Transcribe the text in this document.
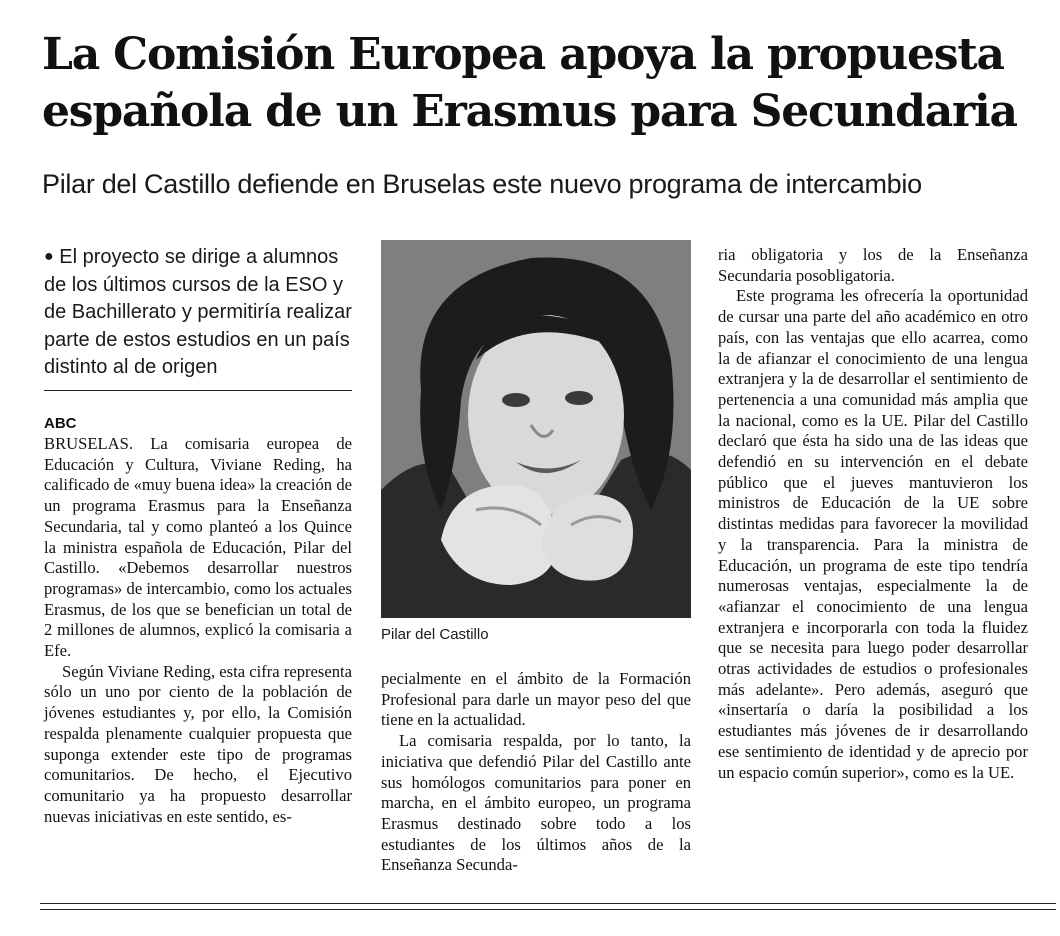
La Comisión Europea apoya la propuesta española de un Erasmus para Secundaria
Pilar del Castillo defiende en Bruselas este nuevo programa de intercambio
● El proyecto se dirige a alumnos de los últimos cursos de la ESO y de Bachillerato y permitiría realizar parte de estos estudios en un país distinto al de origen
ABC

BRUSELAS. La comisaria europea de Educación y Cultura, Viviane Reding, ha calificado de «muy buena idea» la creación de un programa Erasmus para la Enseñanza Secundaria, tal y como planteó a los Quince la ministra española de Educación, Pilar del Castillo. «Debemos desarrollar nuestros programas» de intercambio, como los actuales Erasmus, de los que se benefician un total de 2 millones de alumnos, explicó la comisaria a Efe.

Según Viviane Reding, esta cifra representa sólo un uno por ciento de la población de jóvenes estudiantes y, por ello, la Comisión respalda plenamente cualquier propuesta que suponga extender este tipo de programas comunitarios. De hecho, el Ejecutivo comunitario ya ha propuesto desarrollar nuevas iniciativas en este sentido, es-

Pilar del Castillo

pecialmente en el ámbito de la Formación Profesional para darle un mayor peso del que tiene en la actualidad.

La comisaria respalda, por lo tanto, la iniciativa que defendió Pilar del Castillo ante sus homólogos comunitarios para poner en marcha, en el ámbito europeo, un programa Erasmus destinado sobre todo a los estudiantes de los últimos años de la Enseñanza Secunda-

ria obligatoria y los de la Enseñanza Secundaria posobligatoria.

Este programa les ofrecería la oportunidad de cursar una parte del año académico en otro país, con las ventajas que ello acarrea, como la de afianzar el conocimiento de una lengua extranjera y la de desarrollar el sentimiento de pertenencia a una comunidad más amplia que la nacional, como es la UE. Pilar del Castillo declaró que ésta ha sido una de las ideas que defendió en su intervención en el debate público que el jueves mantuvieron los ministros de Educación de la UE sobre distintas medidas para favorecer la movilidad y la transparencia. Para la ministra de Educación, un programa de este tipo tendría numerosas ventajas, especialmente la de «afianzar el conocimiento de una lengua extranjera e incorporarla con toda la fluidez que se necesita para luego poder desarrollar otras actividades de estudios o profesionales más adelante». Pero además, aseguró que «insertaría o daría la posibilidad a los estudiantes más jóvenes de ir desarrollando ese sentimiento de identidad y de aprecio por un espacio común superior», como es la UE.
